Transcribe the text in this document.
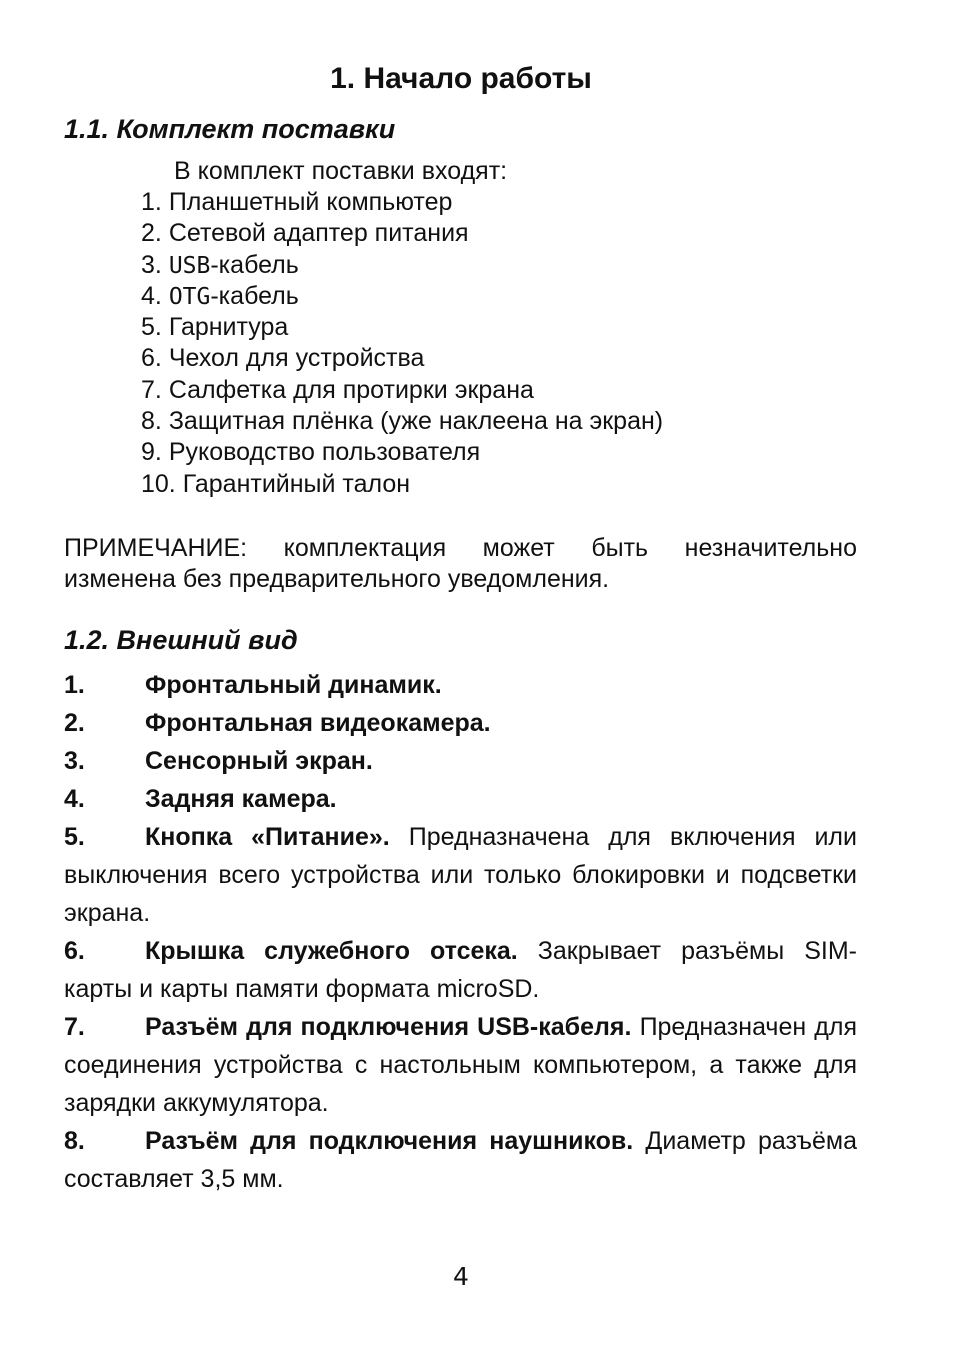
1. Начало работы
1.1. Комплект поставки

В комплект поставки входят:

1. Планшетный компьютер
2. Сетевой адаптер питания
3. USB-кабель
4. OTG-кабель
5. Гарнитура
6. Чехол для устройства
7. Салфетка для протирки экрана
8. Защитная плёнка (уже наклеена на экран)
9. Руководство пользователя
10. Гарантийный талон

ПРИМЕЧАНИЕ: комплектация может быть незначительно изменена без предварительного уведомления.

1.2. Внешний вид

1. Фронтальный динамик.

2. Фронтальная видеокамера.

3. Сенсорный экран.

4. Задняя камера.

5. Кнопка «Питание». Предназначена для включения или выключения всего устройства или только блокировки и подсветки экрана.

6. Крышка служебного отсека. Закрывает разъёмы SIM-карты и карты памяти формата microSD.

7. Разъём для подключения USB-кабеля. Предназначен для соединения устройства с настольным компьютером, а также для зарядки аккумулятора.

8. Разъём для подключения наушников. Диаметр разъёма составляет 3,5 мм.

4
